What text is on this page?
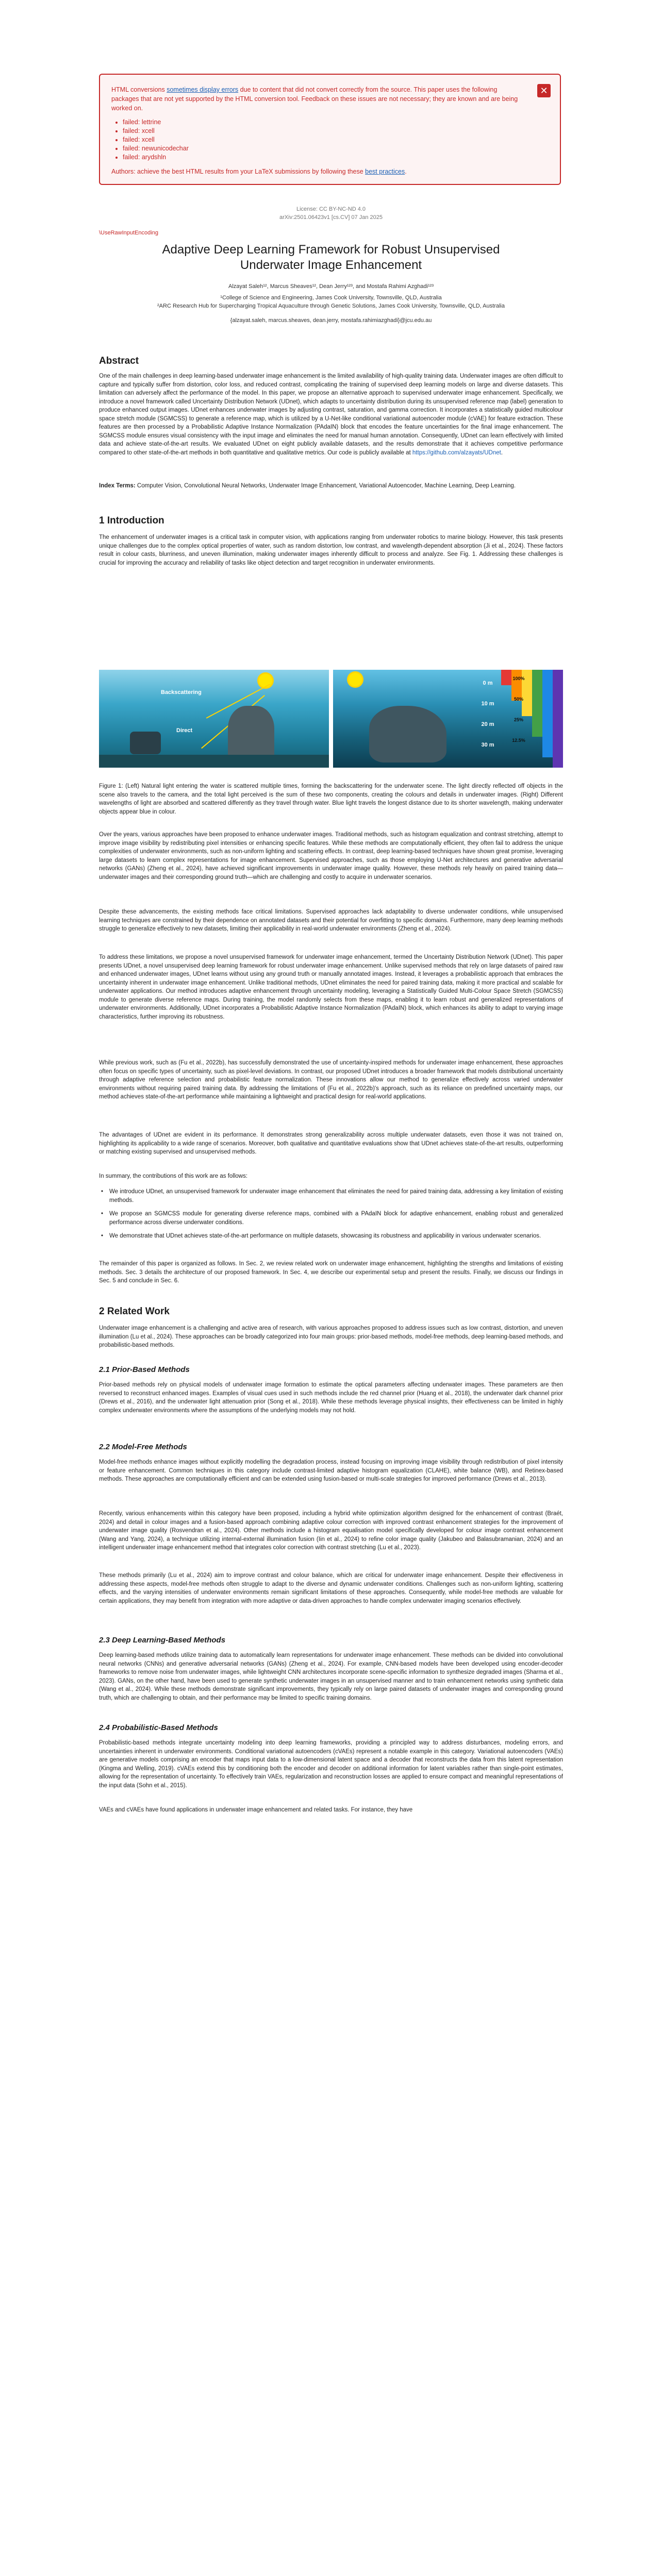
HTML conversions sometimes display errors due to content that did not convert correctly from the source. This paper uses the following packages that are not yet supported by the HTML conversion tool. Feedback on these issues are not necessary; they are known and are being worked on.
• failed: lettrine
• failed: xcell
• failed: xcell
• failed: newunicodechar
• failed: arydshln
Authors: achieve the best HTML results from your LaTeX submissions by following these best practices.
✕
License: CC BY-NC-ND 4.0
arXiv:2501.06423v1 [cs.CV] 07 Jan 2025
\UseRawInputEncoding
Adaptive Deep Learning Framework for Robust Unsupervised Underwater Image Enhancement
Alzayat Saleh¹², Marcus Sheaves¹², Dean Jerry¹²³, and Mostafa Rahimi Azghadi¹²³
¹College of Science and Engineering, James Cook University, Townsville, QLD, Australia
²ARC Research Hub for Supercharging Tropical Aquaculture through Genetic Solutions, James Cook University, Townsville, QLD, Australia
{alzayat.saleh, marcus.sheaves, dean.jerry, mostafa.rahimiazghadi}@jcu.edu.au
Abstract

One of the main challenges in deep learning-based underwater image enhancement is the limited availability of high-quality training data. Underwater images are often difficult to capture and typically suffer from distortion, color loss, and reduced contrast, complicating the training of supervised deep learning models on large and diverse datasets. This limitation can adversely affect the performance of the model. In this paper, we propose an alternative approach to supervised underwater image enhancement. Specifically, we introduce a novel framework called Uncertainty Distribution Network (UDnet), which adapts to uncertainty distribution during its unsupervised reference map (label) generation to produce enhanced output images. UDnet enhances underwater images by adjusting contrast, saturation, and gamma correction. It incorporates a statistically guided multicolour space stretch module (SGMCSS) to generate a reference map, which is utilized by a U-Net-like conditional variational autoencoder module (cVAE) for feature extraction. These features are then processed by a Probabilistic Adaptive Instance Normalization (PAdaIN) block that encodes the feature uncertainties for the final image enhancement. The SGMCSS module ensures visual consistency with the input image and eliminates the need for manual human annotation. Consequently, UDnet can learn effectively with limited data and achieve state-of-the-art results. We evaluated UDnet on eight publicly available datasets, and the results demonstrate that it achieves competitive performance compared to other state-of-the-art methods in both quantitative and qualitative metrics. Our code is publicly available at https://github.com/alzayats/UDnet.

Index Terms: Computer Vision, Convolutional Neural Networks, Underwater Image Enhancement, Variational Autoencoder, Machine Learning, Deep Learning.

1 Introduction

The enhancement of underwater images is a critical task in computer vision, with applications ranging from underwater robotics to marine biology. However, this task presents unique challenges due to the complex optical properties of water, such as random distortion, low contrast, and wavelength-dependent absorption (Ji et al., 2024). These factors result in colour casts, blurriness, and uneven illumination, making underwater images inherently difficult to process and analyze. See Fig. 1. Addressing these challenges is crucial for improving the accuracy and reliability of tasks like object detection and target recognition in underwater environments.

Backscattering
Direct
0 m
10 m
20 m
30 m
100%
50%
25%
12.5%
Figure 1: (Left) Natural light entering the water is scattered multiple times, forming the backscattering for the underwater scene. The light directly reflected off objects in the scene also travels to the camera, and the total light perceived is the sum of these two components, creating the colours and details in underwater images. (Right) Different wavelengths of light are absorbed and scattered differently as they travel through water. Blue light travels the longest distance due to its shorter wavelength, making underwater objects appear blue in colour.

Over the years, various approaches have been proposed to enhance underwater images. Traditional methods, such as histogram equalization and contrast stretching, attempt to improve image visibility by redistributing pixel intensities or enhancing specific features. While these methods are computationally efficient, they often fail to address the unique complexities of underwater environments, such as non-uniform lighting and scattering effects. In contrast, deep learning-based techniques have shown great promise, leveraging large datasets to learn complex representations for image enhancement. Supervised approaches, such as those employing U-Net architectures and generative adversarial networks (GANs) (Zheng et al., 2024), have achieved significant improvements in underwater image quality. However, these methods rely heavily on paired training data—underwater images and their corresponding ground truth—which are challenging and costly to acquire in underwater scenarios.

Despite these advancements, the existing methods face critical limitations. Supervised approaches lack adaptability to diverse underwater conditions, while unsupervised learning techniques are constrained by their dependence on annotated datasets and their potential for overfitting to specific domains. Furthermore, many deep learning methods struggle to generalize effectively to new datasets, limiting their applicability in real-world underwater environments (Zheng et al., 2024).

To address these limitations, we propose a novel unsupervised framework for underwater image enhancement, termed the Uncertainty Distribution Network (UDnet). This paper presents UDnet, a novel unsupervised deep learning framework for robust underwater image enhancement. Unlike supervised methods that rely on large datasets of paired raw and enhanced underwater images, UDnet learns without using any ground truth or manually annotated images. Instead, it leverages a probabilistic approach that embraces the uncertainty inherent in underwater image enhancement. Unlike traditional methods, UDnet eliminates the need for paired training data, making it more practical and scalable for underwater applications. Our method introduces adaptive enhancement through uncertainty modeling, leveraging a Statistically Guided Multi-Colour Space Stretch (SGMCSS) module to generate diverse reference maps. During training, the model randomly selects from these maps, enabling it to learn robust and generalized representations of underwater environments. Additionally, UDnet incorporates a Probabilistic Adaptive Instance Normalization (PAdaIN) block, which enhances its ability to adapt to varying image characteristics, further improving its robustness.

While previous work, such as (Fu et al., 2022b), has successfully demonstrated the use of uncertainty-inspired methods for underwater image enhancement, these approaches often focus on specific types of uncertainty, such as pixel-level deviations. In contrast, our proposed UDnet introduces a broader framework that models distributional uncertainty through adaptive reference selection and probabilistic feature normalization. These innovations allow our method to generalize effectively across varied underwater environments without requiring paired training data. By addressing the limitations of (Fu et al., 2022b)'s approach, such as its reliance on predefined uncertainty maps, our method achieves state-of-the-art performance while maintaining a lightweight and practical design for real-world applications.

The advantages of UDnet are evident in its performance. It demonstrates strong generalizability across multiple underwater datasets, even those it was not trained on, highlighting its applicability to a wide range of scenarios. Moreover, both qualitative and quantitative evaluations show that UDnet achieves state-of-the-art results, outperforming or matching existing supervised and unsupervised methods.

In summary, the contributions of this work are as follows:

• We introduce UDnet, an unsupervised framework for underwater image enhancement that eliminates the need for paired training data, addressing a key limitation of existing methods.
• We propose an SGMCSS module for generating diverse reference maps, combined with a PAdaIN block for adaptive enhancement, enabling robust and generalized performance across diverse underwater conditions.
• We demonstrate that UDnet achieves state-of-the-art performance on multiple datasets, showcasing its robustness and applicability in various underwater scenarios.

The remainder of this paper is organized as follows. In Sec. 2, we review related work on underwater image enhancement, highlighting the strengths and limitations of existing methods. Sec. 3 details the architecture of our proposed framework. In Sec. 4, we describe our experimental setup and present the results. Finally, we discuss our findings in Sec. 5 and conclude in Sec. 6.

2 Related Work

Underwater image enhancement is a challenging and active area of research, with various approaches proposed to address issues such as low contrast, distortion, and uneven illumination (Lu et al., 2024). These approaches can be broadly categorized into four main groups: prior-based methods, model-free methods, deep learning-based methods, and probabilistic-based methods.

2.1 Prior-Based Methods

Prior-based methods rely on physical models of underwater image formation to estimate the optical parameters affecting underwater images. These parameters are then reversed to reconstruct enhanced images. Examples of visual cues used in such methods include the red channel prior (Huang et al., 2018), the underwater dark channel prior (Drews et al., 2016), and the underwater light attenuation prior (Song et al., 2018). While these methods leverage physical insights, their effectiveness can be limited in highly complex underwater environments where the assumptions of the underlying models may not hold.

2.2 Model-Free Methods

Model-free methods enhance images without explicitly modelling the degradation process, instead focusing on improving image visibility through redistribution of pixel intensity or feature enhancement. Common techniques in this category include contrast-limited adaptive histogram equalization (CLAHE), white balance (WB), and Retinex-based methods. These approaches are computationally efficient and can be extended using fusion-based or multi-scale strategies for improved performance (Drews et al., 2013).

Recently, various enhancements within this category have been proposed, including a hybrid white optimization algorithm designed for the enhancement of contrast (Braét, 2024) and detail in colour images and a fusion-based approach combining adaptive colour correction with improved contrast enhancement strategies for the improvement of underwater image quality (Rosvendran et al., 2024). Other methods include a histogram equalisation model specifically developed for colour image contrast enhancement (Wang and Yang, 2024), a technique utilizing internal-external illumination fusion (Iin et al., 2024) to refine color image quality (Jakubeo and Balasubramanian, 2024) and an intelligent underwater image enhancement method that integrates color correction with contrast stretching (Lu et al., 2023).

These methods primarily (Lu et al., 2024) aim to improve contrast and colour balance, which are critical for underwater image enhancement. Despite their effectiveness in addressing these aspects, model-free methods often struggle to adapt to the diverse and dynamic underwater conditions. Challenges such as non-uniform lighting, scattering effects, and the varying intensities of underwater environments remain significant limitations of these approaches. Consequently, while model-free methods are valuable for certain applications, they may benefit from integration with more adaptive or data-driven approaches to handle complex underwater imaging scenarios effectively.

2.3 Deep Learning-Based Methods

Deep learning-based methods utilize training data to automatically learn representations for underwater image enhancement. These methods can be divided into convolutional neural networks (CNNs) and generative adversarial networks (GANs) (Zheng et al., 2024). For example, CNN-based models have been developed using encoder-decoder frameworks to remove noise from underwater images, while lightweight CNN architectures incorporate scene-specific information to synthesize degraded images (Sharma et al., 2023). GANs, on the other hand, have been used to generate synthetic underwater images in an unsupervised manner and to train enhancement networks using synthetic data (Wang et al., 2024). While these methods demonstrate significant improvements, they typically rely on large paired datasets of underwater images and corresponding ground truth, which are challenging to obtain, and their performance may be limited to specific training domains.

2.4 Probabilistic-Based Methods

Probabilistic-based methods integrate uncertainty modeling into deep learning frameworks, providing a principled way to address disturbances, modeling errors, and uncertainties inherent in underwater environments. Conditional variational autoencoders (cVAEs) represent a notable example in this category. Variational autoencoders (VAEs) are generative models comprising an encoder that maps input data to a low-dimensional latent space and a decoder that reconstructs the data from this latent representation (Kingma and Welling, 2019). cVAEs extend this by conditioning both the encoder and decoder on additional information for latent variables rather than single-point estimates, allowing for the representation of uncertainty. To effectively train VAEs, regularization and reconstruction losses are applied to ensure compact and meaningful representations of the input data (Sohn et al., 2015).

VAEs and cVAEs have found applications in underwater image enhancement and related tasks. For instance, they have
